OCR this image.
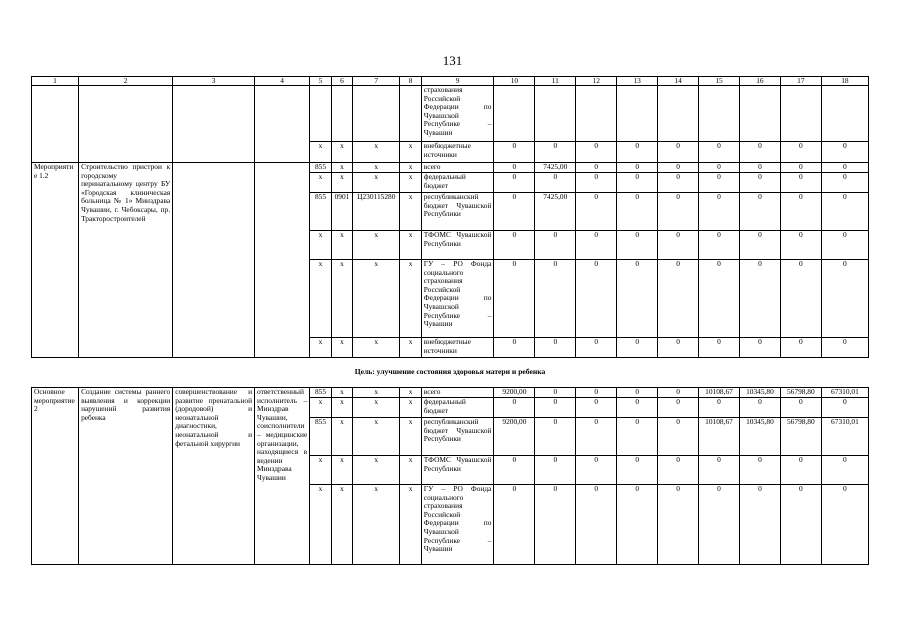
131
1	2	3	4	5	6	7	8	9	10	11	12	13	14	15	16	17	18
								страхования Российской Федерации по Чувашской Республике – Чувашии									
				х	х	х	х	внебюджетные источники	0	0	0	0	0	0	0	0	0
Мероприятие 1.2	Строительство пристрои к городскому перинатальному центру БУ «Городская клиническая больница № 1» Минздрава Чувашии, г. Чебоксары, пр. Тракторостроителей			855	х	х	х	всего	0	7425,00	0	0	0	0	0	0	0
				х	х	х	х	федеральный бюджет	0	0	0	0	0	0	0	0	0
				855	0901	Ц230115280	х	республиканский бюджет Чувашской Республики	0	7425,00	0	0	0	0	0	0	0
				х	х	х	х	ТФОМС Чувашской Республики	0	0	0	0	0	0	0	0	0
				х	х	х	х	ГУ – РО Фонда социального страхования Российской Федерации по Чувашской Республике – Чувашии	0	0	0	0	0	0	0	0	0
				х	х	х	х	внебюджетные источники	0	0	0	0	0	0	0	0	0
Цель: улучшение состояния здоровья матери и ребенка																	
Основное мероприятие 2	Создание системы раннего выявления и коррекции нарушений развития ребенка	совершенствование и развитие пренатальной (дородовой) и неонатальной диагностики, неонатальной и фетальной хирургии	ответственный исполнитель – Минздрав Чувашии, соисполнители – медицинские организации, находящиеся в ведении Минздрава Чувашии	855	х	х	х	всего	9200,00	0	0	0	0	10108,67	10345,80	56798,80	67310,01
				х	х	х	х	федеральный бюджет	0	0	0	0	0	0	0	0	0
				855	х	х	х	республиканский бюджет Чувашской Республики	9200,00	0	0	0	0	10108,67	10345,80	56798,80	67310,01
				х	х	х	х	ТФОМС Чувашской Республики	0	0	0	0	0	0	0	0	0
				х	х	х	х	ГУ – РО Фонда социального страхования Российской Федерации по Чувашской Республике – Чувашии	0	0	0	0	0	0	0	0	0
